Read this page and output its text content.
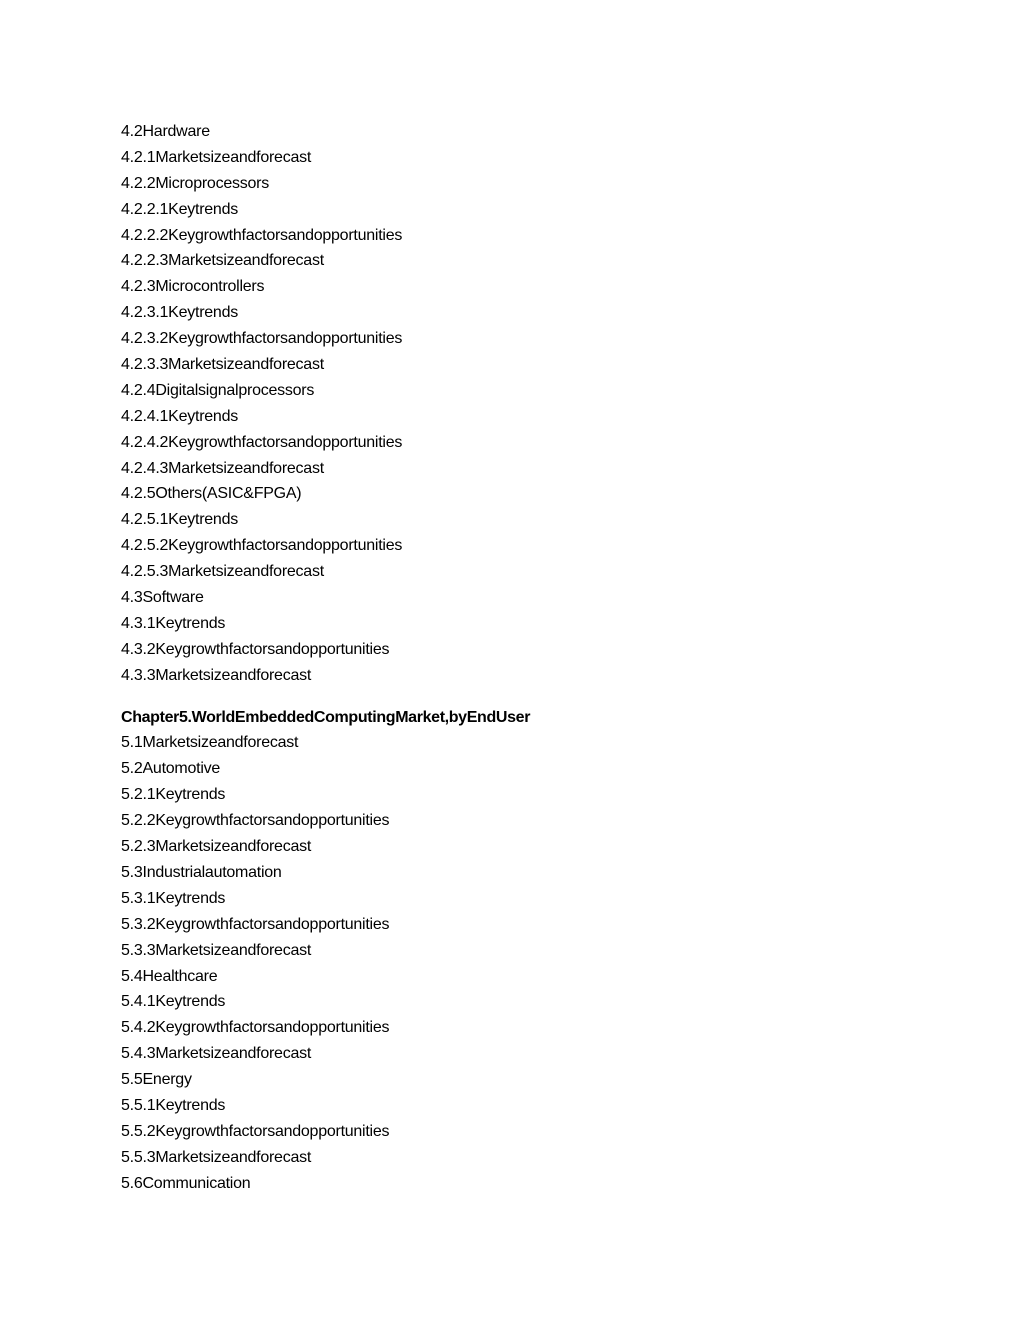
4.2Hardware
4.2.1Marketsizeandforecast
4.2.2Microprocessors
4.2.2.1Keytrends
4.2.2.2Keygrowthfactorsandopportunities
4.2.2.3Marketsizeandforecast
4.2.3Microcontrollers
4.2.3.1Keytrends
4.2.3.2Keygrowthfactorsandopportunities
4.2.3.3Marketsizeandforecast
4.2.4Digitalsignalprocessors
4.2.4.1Keytrends
4.2.4.2Keygrowthfactorsandopportunities
4.2.4.3Marketsizeandforecast
4.2.5Others(ASIC&FPGA)
4.2.5.1Keytrends
4.2.5.2Keygrowthfactorsandopportunities
4.2.5.3Marketsizeandforecast
4.3Software
4.3.1Keytrends
4.3.2Keygrowthfactorsandopportunities
4.3.3Marketsizeandforecast
Chapter5.WorldEmbeddedComputingMarket,byEndUser
5.1Marketsizeandforecast
5.2Automotive
5.2.1Keytrends
5.2.2Keygrowthfactorsandopportunities
5.2.3Marketsizeandforecast
5.3Industrialautomation
5.3.1Keytrends
5.3.2Keygrowthfactorsandopportunities
5.3.3Marketsizeandforecast
5.4Healthcare
5.4.1Keytrends
5.4.2Keygrowthfactorsandopportunities
5.4.3Marketsizeandforecast
5.5Energy
5.5.1Keytrends
5.5.2Keygrowthfactorsandopportunities
5.5.3Marketsizeandforecast
5.6Communication
